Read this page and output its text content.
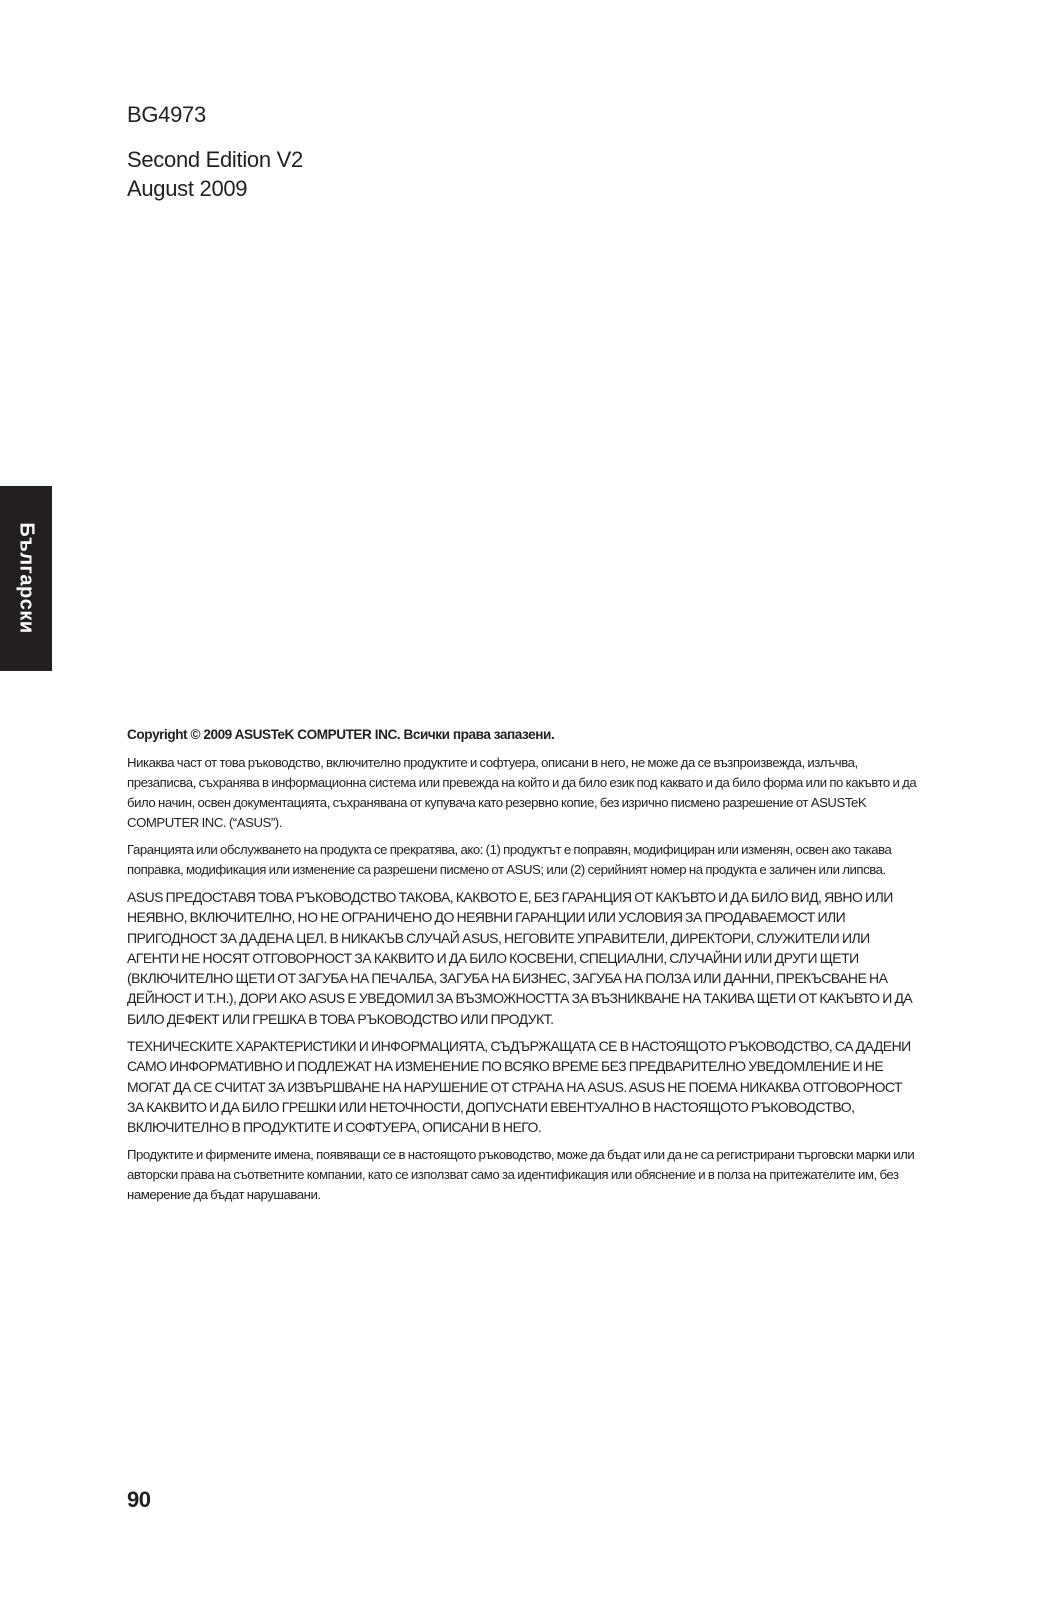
BG4973
Second Edition V2
August 2009
Български
Copyright © 2009 ASUSTeK COMPUTER INC. Всички права запазени.

Никаква част от това ръководство, включително продуктите и софтуера, описани в него, не може да се възпроизвежда, излъчва, презаписва, съхранява в информационна система или превежда на който и да било език под каквато и да било форма или по какъвто и да било начин, освен документацията, съхранявана от купувача като резервно копие, без изрично писмено разрешение от ASUSTeK COMPUTER INC. (“ASUS”).

Гаранцията или обслужването на продукта се прекратява, ако: (1) продуктът е поправян, модифициран или изменян, освен ако такава поправка, модификация или изменение са разрешени писмено от ASUS; или (2) серийният номер на продукта е заличен или липсва.

ASUS ПРЕДОСТАВЯ ТОВА РЪКОВОДСТВО ТАКОВА, КАКВОТО Е, БЕЗ ГАРАНЦИЯ ОТ КАКЪВТО И ДА БИЛО ВИД, ЯВНО ИЛИ НЕЯВНО, ВКЛЮЧИТЕЛНО, НО НЕ ОГРАНИЧЕНО ДО НЕЯВНИ ГАРАНЦИИ ИЛИ УСЛОВИЯ ЗА ПРОДАВАЕМОСТ ИЛИ ПРИГОДНОСТ ЗА ДАДЕНА ЦЕЛ. В НИКАКЪВ СЛУЧАЙ ASUS, НЕГОВИТЕ УПРАВИТЕЛИ, ДИРЕКТОРИ, СЛУЖИТЕЛИ ИЛИ АГЕНТИ НЕ НОСЯТ ОТГОВОРНОСТ ЗА КАКВИТО И ДА БИЛО КОСВЕНИ, СПЕЦИАЛНИ, СЛУЧАЙНИ ИЛИ ДРУГИ ЩЕТИ (ВКЛЮЧИТЕЛНО ЩЕТИ ОТ ЗАГУБА НА ПЕЧАЛБА, ЗАГУБА НА БИЗНЕС, ЗАГУБА НА ПОЛЗА ИЛИ ДАННИ, ПРЕКЪСВАНЕ НА ДЕЙНОСТ И Т.Н.), ДОРИ АКО ASUS Е УВЕДОМИЛ ЗА ВЪЗМОЖНОСТТА ЗА ВЪЗНИКВАНЕ НА ТАКИВА ЩЕТИ ОТ КАКЪВТО И ДА БИЛО ДЕФЕКТ ИЛИ ГРЕШКА В ТОВА РЪКОВОДСТВО ИЛИ ПРОДУКТ.

ТЕХНИЧЕСКИТЕ ХАРАКТЕРИСТИКИ И ИНФОРМАЦИЯТА, СЪДЪРЖАЩАТА СЕ В НАСТОЯЩОТО РЪКОВОДСТВО, СА ДАДЕНИ САМО ИНФОРМАТИВНО И ПОДЛЕЖАТ НА ИЗМЕНЕНИЕ ПО ВСЯКО ВРЕМЕ БЕЗ ПРЕДВАРИТЕЛНО УВЕДОМЛЕНИЕ И НЕ МОГАТ ДА СЕ СЧИТАТ ЗА ИЗВЪРШВАНЕ НА НАРУШЕНИЕ ОТ СТРАНА НА ASUS. ASUS НЕ ПОЕМА НИКАКВА ОТГОВОРНОСТ ЗА КАКВИТО И ДА БИЛО ГРЕШКИ ИЛИ НЕТОЧНОСТИ, ДОПУСНАТИ ЕВЕНТУАЛНО В НАСТОЯЩОТО РЪКОВОДСТВО, ВКЛЮЧИТЕЛНО В ПРОДУКТИТЕ И СОФТУЕРА, ОПИСАНИ В НЕГО.

Продуктите и фирмените имена, появяващи се в настоящото ръководство, може да бъдат или да не са регистрирани търговски марки или авторски права на съответните компании, като се използват само за идентификация или обяснение и в полза на притежателите им, без намерение да бъдат нарушавани.

90
